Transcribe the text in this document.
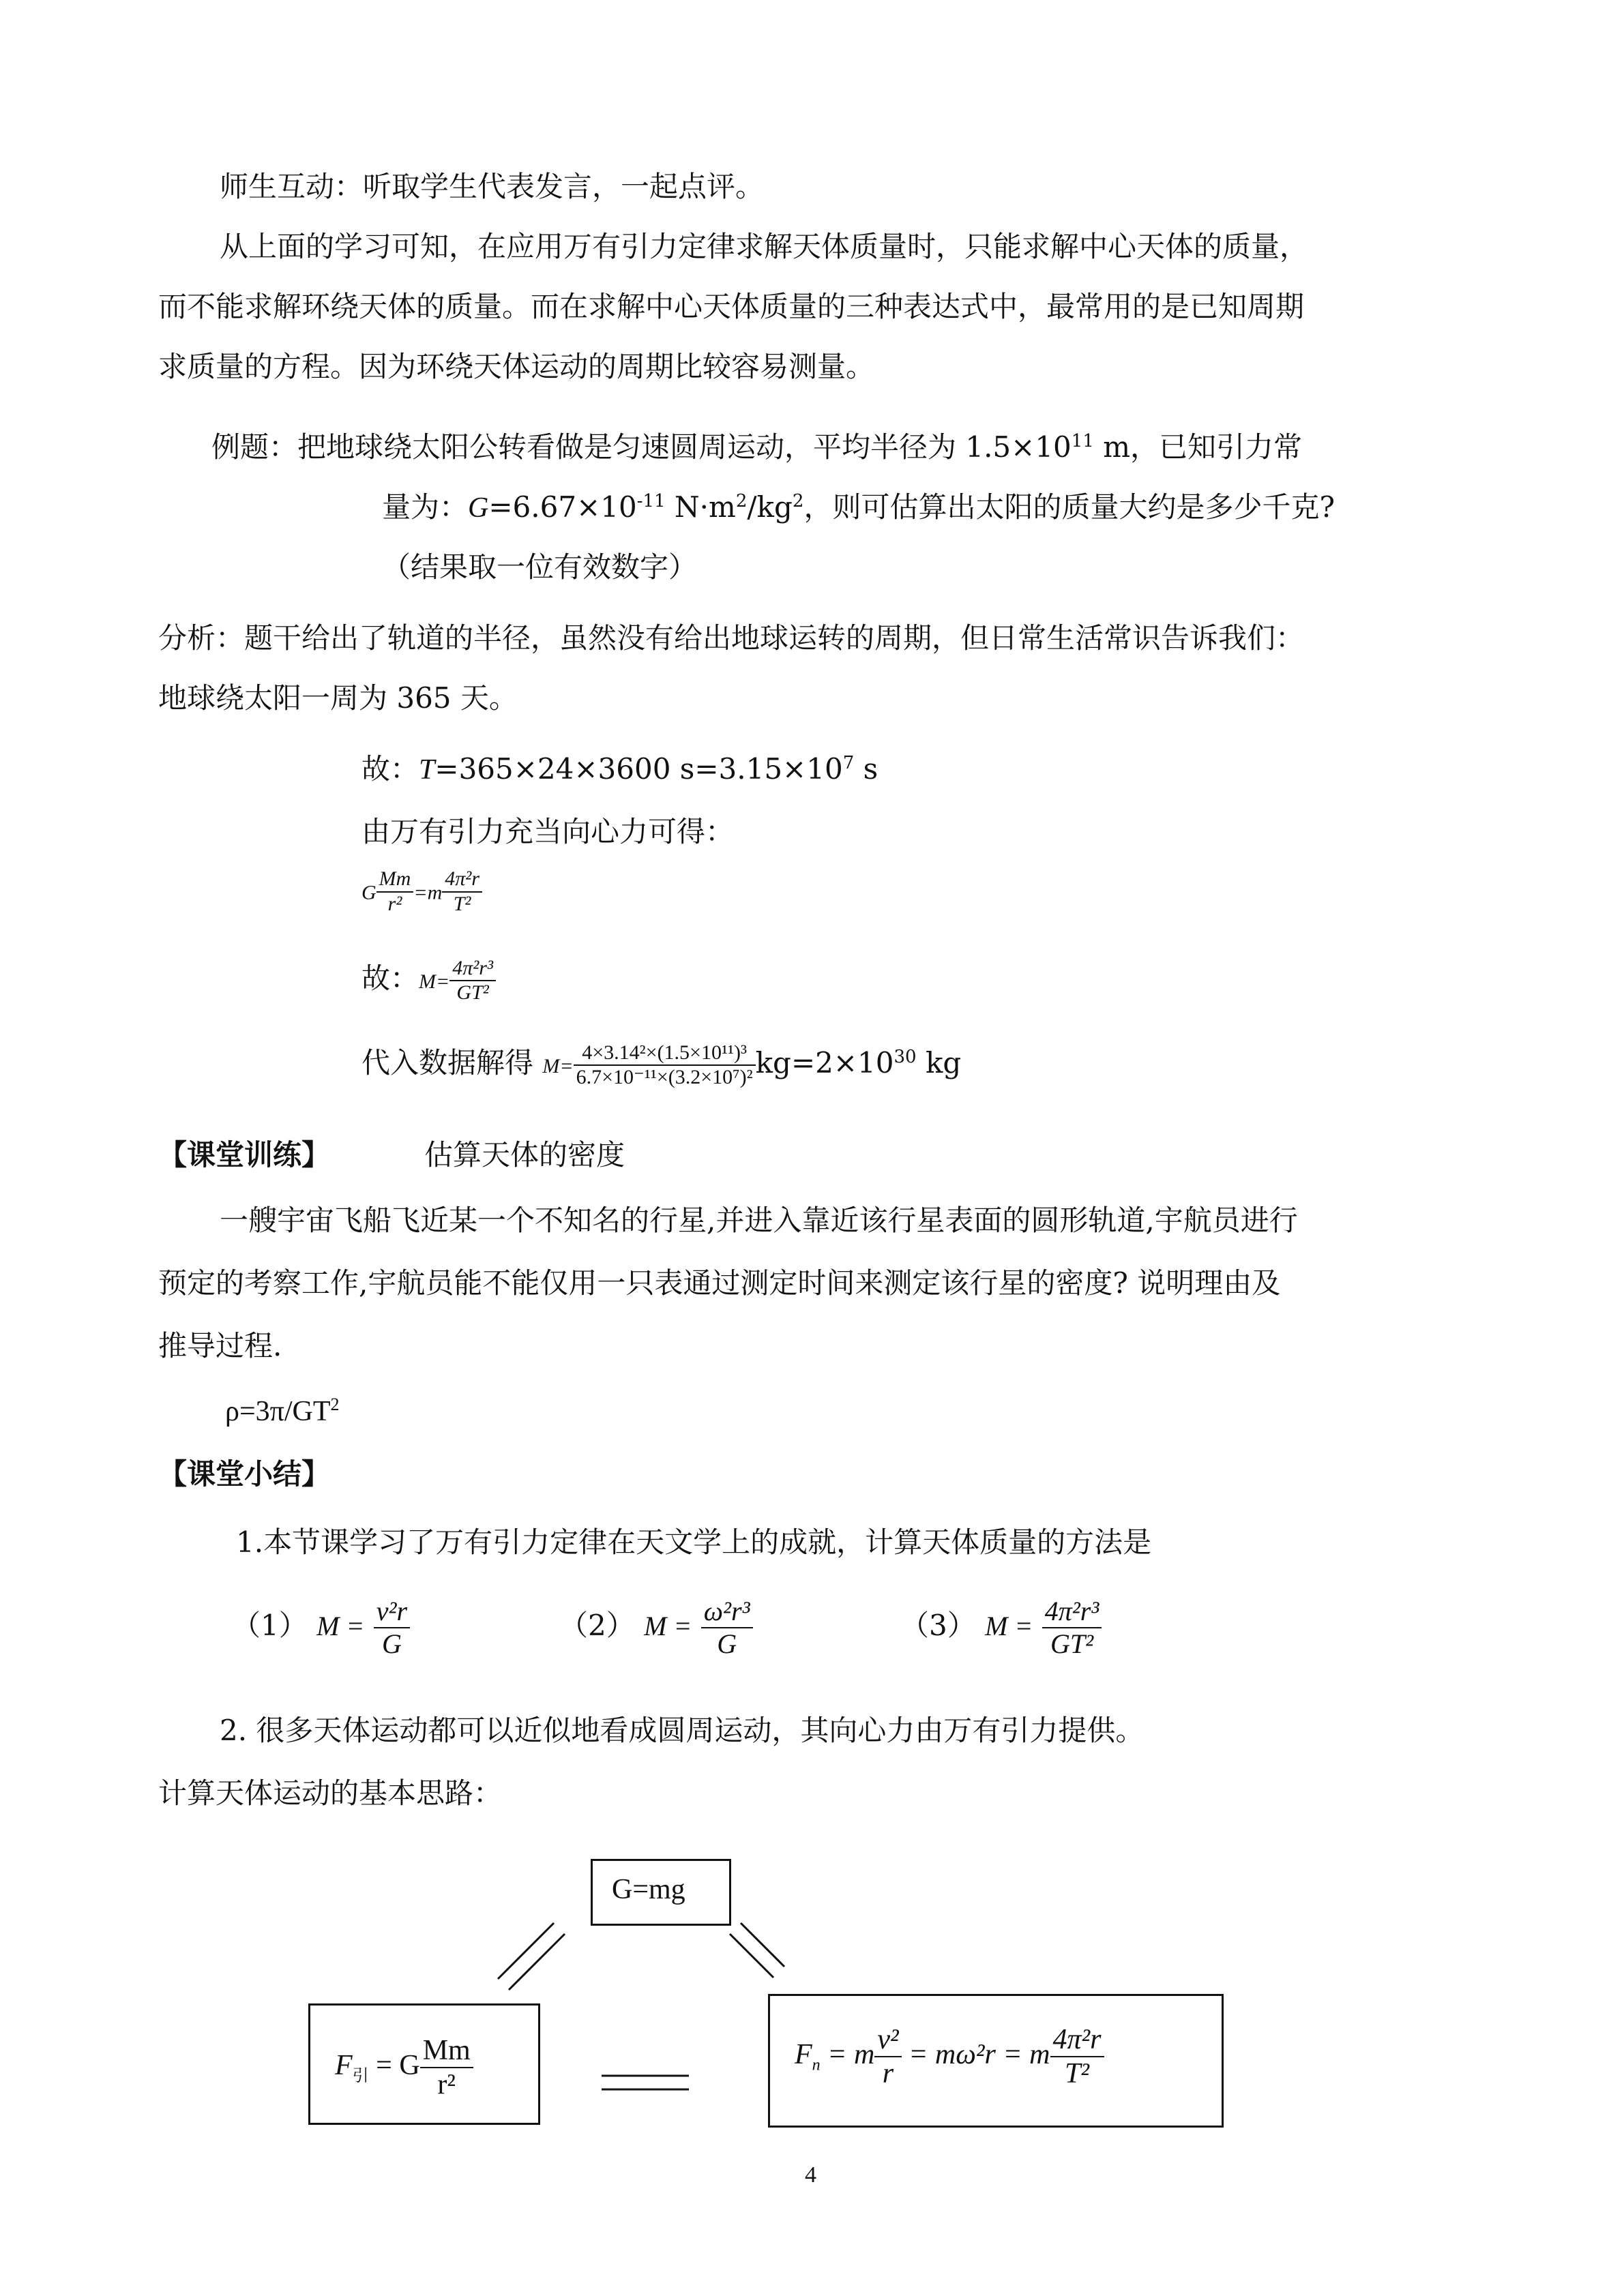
师生互动：听取学生代表发言，一起点评。
从上面的学习可知，在应用万有引力定律求解天体质量时，只能求解中心天体的质量，
而不能求解环绕天体的质量。而在求解中心天体质量的三种表达式中，最常用的是已知周期
求质量的方程。因为环绕天体运动的周期比较容易测量。
例题：把地球绕太阳公转看做是匀速圆周运动，平均半径为 $1.5\times 10^{11}$ m，已知引力常
量为：$G=6.67\times 10^{-11}$ $N\cdot m^2/kg^2$，则可估算出太阳的质量大约是多少千克?
（结果取一位有效数字）
分析：题干给出了轨道的半径，虽然没有给出地球运转的周期，但日常生活常识告诉我们：
地球绕太阳一周为 365 天。
故：T=365×24×3600 $s=3.15\times 10^7$ s
由万有引力充当向心力可得：
G $\frac{Mm}{\text{r²}} =m \frac{\text{4π²r}}{\text{T²}}$
故：$M= \frac{\text{4π²r³}}{\text{GT²}}$
代入数据解得 $M= \frac{\text{4×3.14²×(1.5×10¹¹)³}}{\text{6.7×10⁻¹¹×(3.2×10⁷)²}} kg=2\times 10^{30}$ kg
【课堂训练】	估算天体的密度
一艘宇宙飞船飞近某一个不知名的行星,并进入靠近该行星表面的圆形轨道,宇航员进行
预定的考察工作,宇航员能不能仅用一只表通过测定时间来测定该行星的密度? 说明理由及
推导过程.
$\rho=3\pi/GT^2$
【课堂小结】
1.本节课学习了万有引力定律在天文学上的成就，计算天体质量的方法是
（1） $M = \frac{\text{v²r}}{G}$	（2） $M = \frac{\text{ω²r³}}{G}$	（3） $M = \frac{\text{4π²r³}}{\text{GT²}}$
2. 很多天体运动都可以近似地看成圆周运动，其向心力由万有引力提供。
计算天体运动的基本思路：
G=mg
$F_引 = G \frac{Mm}{\text{r²}}$	$F_n = m \frac{\text{v²}}{r} = m\omega^2r = m \frac{\text{4π²r}}{\text{T²}}$
4
